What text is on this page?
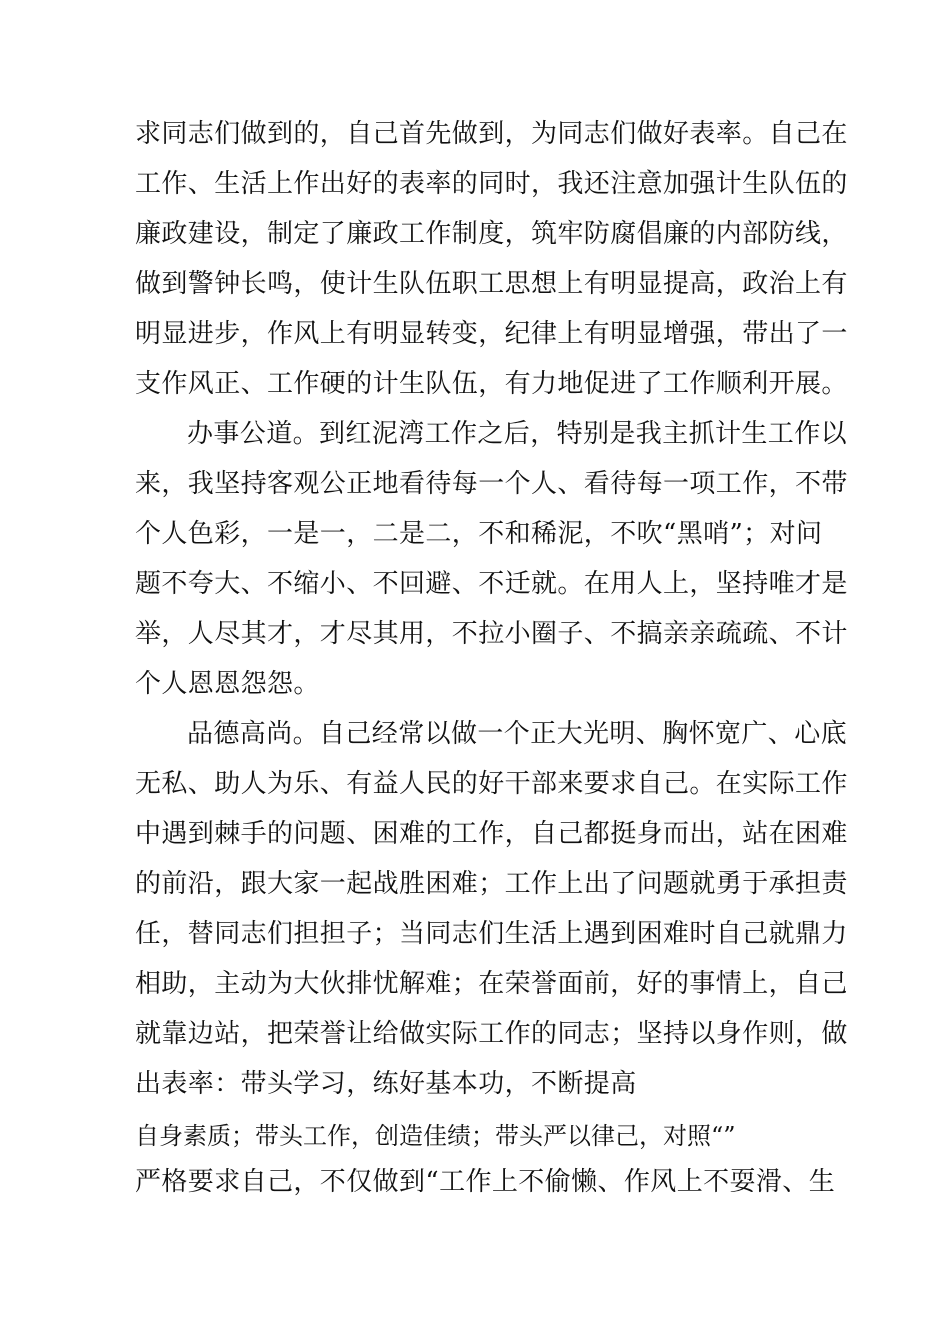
求同志们做到的，自己首先做到，为同志们做好表率。自己在
工作、生活上作出好的表率的同时，我还注意加强计生队伍的
廉政建设，制定了廉政工作制度，筑牢防腐倡廉的内部防线，
做到警钟长鸣，使计生队伍职工思想上有明显提高，政治上有
明显进步，作风上有明显转变，纪律上有明显增强，带出了一
支作风正、工作硬的计生队伍，有力地促进了工作顺利开展。
办事公道。到红泥湾工作之后，特别是我主抓计生工作以
来，我坚持客观公正地看待每一个人、看待每一项工作，不带
个人色彩，一是一，二是二，不和稀泥，不吹“黑哨”；对问
题不夸大、不缩小、不回避、不迁就。在用人上，坚持唯才是
举，人尽其才，才尽其用，不拉小圈子、不搞亲亲疏疏、不计
个人恩恩怨怨。
品德高尚。自己经常以做一个正大光明、胸怀宽广、心底
无私、助人为乐、有益人民的好干部来要求自己。在实际工作
中遇到棘手的问题、困难的工作，自己都挺身而出，站在困难
的前沿，跟大家一起战胜困难；工作上出了问题就勇于承担责
任，替同志们担担子；当同志们生活上遇到困难时自己就鼎力
相助，主动为大伙排忧解难；在荣誉面前，好的事情上，自己
就靠边站，把荣誉让给做实际工作的同志；坚持以身作则，做
出表率：带头学习，练好基本功，不断提高
自身素质；带头工作，创造佳绩；带头严以律己，对照“”
严格要求自己，不仅做到“工作上不偷懒、作风上不耍滑、生
